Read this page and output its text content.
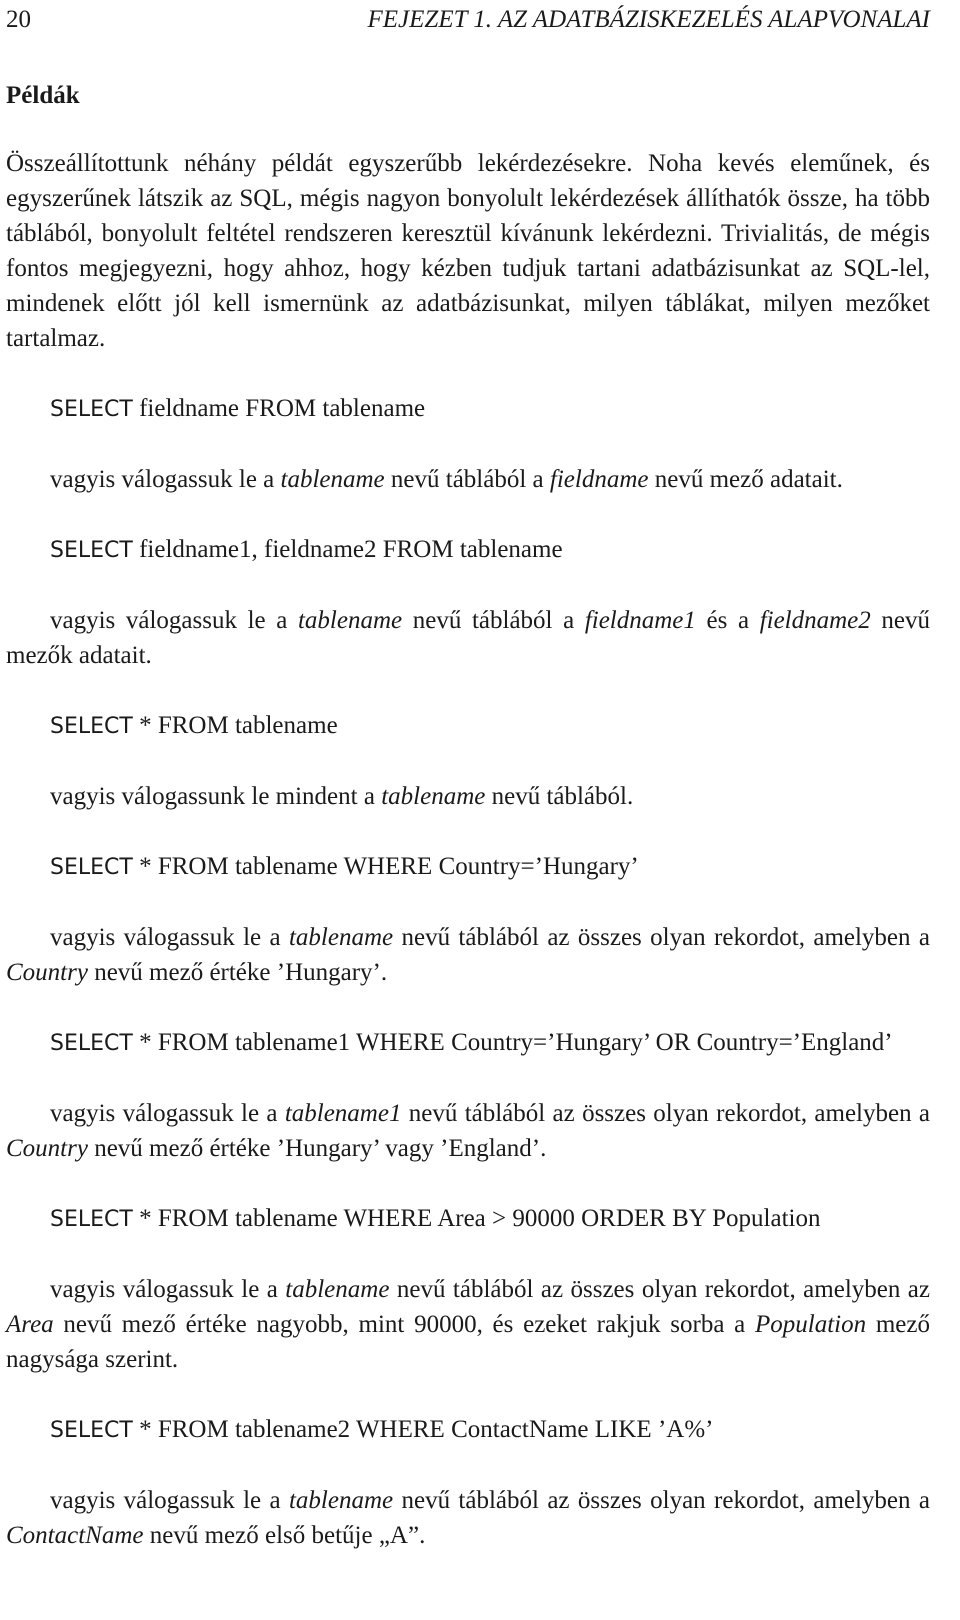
20	FEJEZET 1. AZ ADATBÁZISKEZELÉS ALAPVONALAI
Példák

Összeállítottunk néhány példát egyszerűbb lekérdezésekre. Noha kevés eleműnek, és egyszerűnek látszik az SQL, mégis nagyon bonyolult lekérdezések állíthatók össze, ha több táblából, bonyolult feltétel rendszeren keresztül kívánunk lekérdezni. Trivialitás, de mégis fontos megjegyezni, hogy ahhoz, hogy kézben tudjuk tartani adatbázisunkat az SQL-lel, mindenek előtt jól kell ismernünk az adatbázisunkat, milyen táblákat, milyen mezőket tartalmaz.

SELECT fieldname FROM tablename

vagyis válogassuk le a tablename nevű táblából a fieldname nevű mező adatait.

SELECT fieldname1, fieldname2 FROM tablename

vagyis válogassuk le a tablename nevű táblából a fieldname1 és a fieldname2 nevű mezők adatait.

SELECT * FROM tablename

vagyis válogassunk le mindent a tablename nevű táblából.

SELECT * FROM tablename WHERE Country=’Hungary’

vagyis válogassuk le a tablename nevű táblából az összes olyan rekordot, amelyben a Country nevű mező értéke ’Hungary’.

SELECT * FROM tablename1 WHERE Country=’Hungary’ OR Country=’England’

vagyis válogassuk le a tablename1 nevű táblából az összes olyan rekordot, amelyben a Country nevű mező értéke ’Hungary’ vagy ’England’.

SELECT * FROM tablename WHERE Area > 90000 ORDER BY Population

vagyis válogassuk le a tablename nevű táblából az összes olyan rekordot, amelyben az Area nevű mező értéke nagyobb, mint 90000, és ezeket rakjuk sorba a Population mező nagysága szerint.

SELECT * FROM tablename2 WHERE ContactName LIKE ’A%’

vagyis válogassuk le a tablename nevű táblából az összes olyan rekordot, amelyben a ContactName nevű mező első betűje „A”.
